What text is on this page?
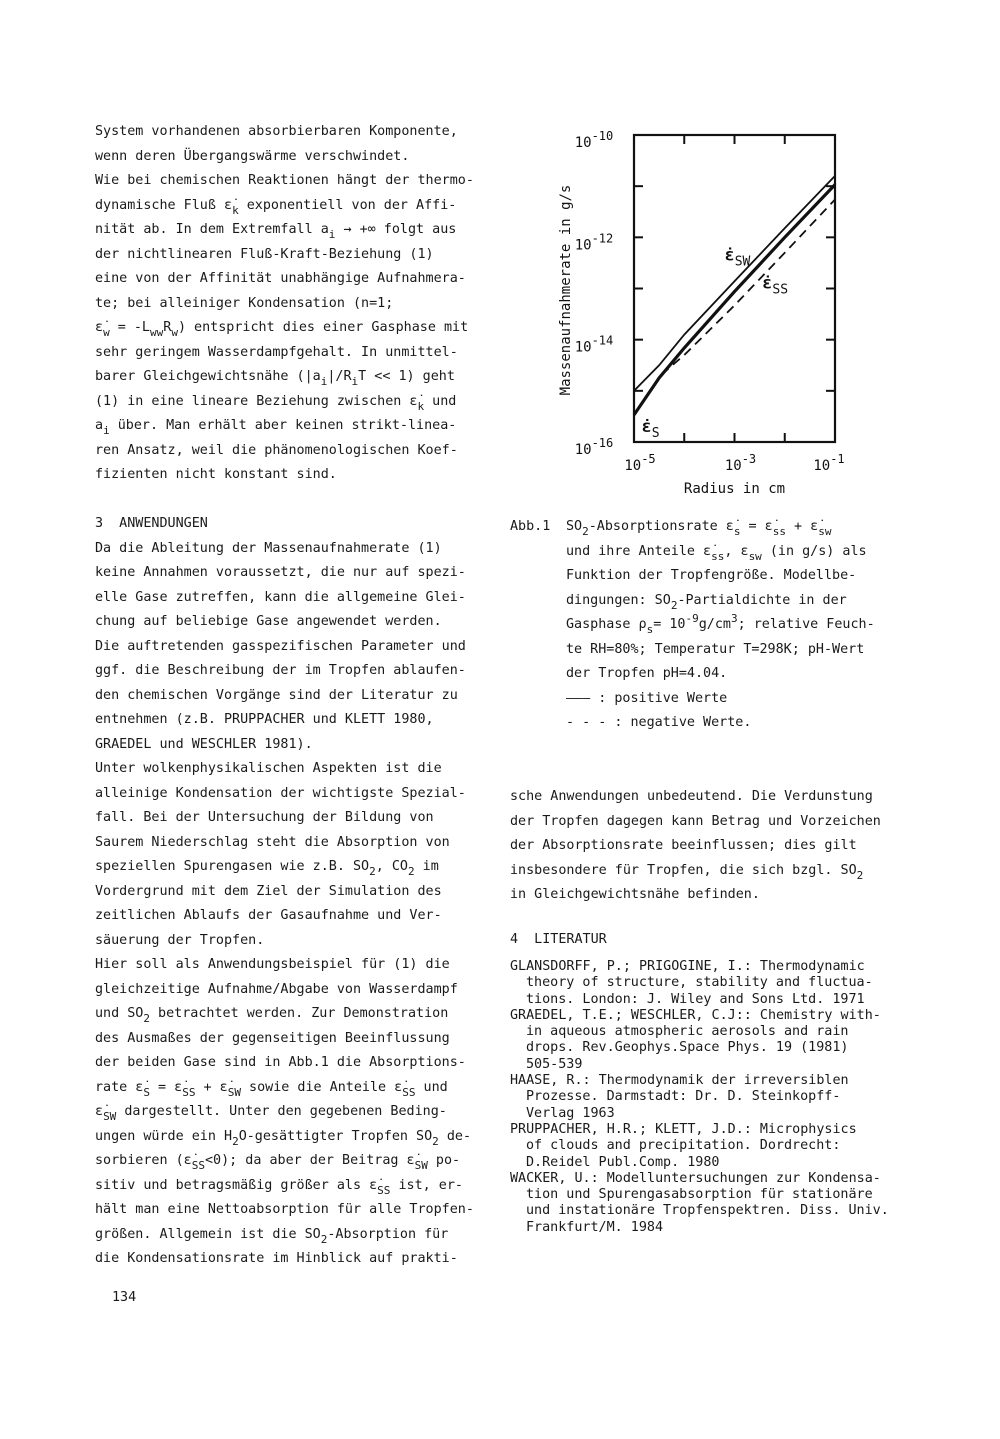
System vorhandenen absorbierbaren Komponente,
wenn deren Übergangswärme verschwindet.
Wie bei chemischen Reaktionen hängt der thermo-
dynamische Fluß $\varepsiloṅ_k$ exponentiell von der Affi-
nität ab. In dem Extremfall $a_i$ → +∞ folgt aus
der nichtlinearen Fluß-Kraft-Beziehung (1)
eine von der Affinität unabhängige Aufnahmera-
te; bei alleiniger Kondensation (n=1;
$\varepsiloṅ_w = -L_{ww}R_w$) entspricht dies einer Gasphase mit
sehr geringem Wasserdampfgehalt. In unmittel-
barer Gleichgewichtsnähe $(|a_i|/R_iT << 1)$ geht
(1) in eine lineare Beziehung zwischen $\varepsiloṅ_k$ und
$a_i$ über. Man erhält aber keinen strikt-linea-
ren Ansatz, weil die phänomenologischen Koef-
fizienten nicht konstant sind.
3  ANWENDUNGEN
Da die Ableitung der Massenaufnahmerate (1)
keine Annahmen voraussetzt, die nur auf spezi-
elle Gase zutreffen, kann die allgemeine Glei-
chung auf beliebige Gase angewendet werden.
Die auftretenden gasspezifischen Parameter und
ggf. die Beschreibung der im Tropfen ablaufen-
den chemischen Vorgänge sind der Literatur zu
entnehmen (z.B. PRUPPACHER und KLETT 1980,
GRAEDEL und WESCHLER 1981).
Unter wolkenphysikalischen Aspekten ist die
alleinige Kondensation der wichtigste Spezial-
fall. Bei der Untersuchung der Bildung von
Saurem Niederschlag steht die Absorption von
speziellen Spurengasen wie z.B. $SO_2$, $CO_2$ im
Vordergrund mit dem Ziel der Simulation des
zeitlichen Ablaufs der Gasaufnahme und Ver-
säuerung der Tropfen.
Hier soll als Anwendungsbeispiel für (1) die
gleichzeitige Aufnahme/Abgabe von Wasserdampf
und $SO_2$ betrachtet werden. Zur Demonstration
des Ausmaßes der gegenseitigen Beeinflussung
der beiden Gase sind in Abb.1 die Absorptions-
rate $\varepsiloṅ_S$ = $\varepsiloṅ_{SS}$ + $\varepsiloṅ_{SW}$ sowie die Anteile $\varepsiloṅ_{SS}$ und
$\varepsiloṅ_{SW}$ dargestellt. Unter den gegebenen Beding-
ungen würde ein $H_2O$-gesättigter Tropfen $SO_2$ de-
sorbieren $(\varepsiloṅ_{SS}<0)$; da aber der Beitrag $\varepsiloṅ_{SW}$ po-
sitiv und betragsmäßig größer als $\varepsiloṅ_{SS}$ ist, er-
hält man eine Nettoabsorption für alle Tropfen-
größen. Allgemein ist die $SO_2$-Absorption für
die Kondensationsrate im Hinblick auf prakti-
10-10
10-12
10-14
10-16
10-5	10-3	10-1
Radius in cm
Massenaufnahmerate in g/s	$\varepsiloṅ_{SW}$
$\varepsiloṅ_S$
$\varepsiloṅ_{SS}$
Abb.1 $SO_2$-Absorptionsrate $\varepsiloṅ_s$ = $\varepsiloṅ_{ss}$ + $\varepsiloṅ_{sw}$
und ihre Anteile $\varepsiloṅ_{ss}$, $\varepsilon_{sw}$ (in g/s) als
Funktion der Tropfengröße. Modellbe-
dingungen: $SO_2$-Partialdichte in der
Gasphase $\rho_s= 10^{-9}g/cm^3$; relative Feuch-
te RH=80%; Temperatur T=298K; pH-Wert
der Tropfen pH=4.04.
——— : positive Werte
- - - : negative Werte.
sche Anwendungen unbedeutend. Die Verdunstung
der Tropfen dagegen kann Betrag und Vorzeichen
der Absorptionsrate beeinflussen; dies gilt
insbesondere für Tropfen, die sich bzgl. $SO_2$
in Gleichgewichtsnähe befinden.
4  LITERATUR
GLANSDORFF, P.; PRIGOGINE, I.: Thermodynamic
theory of structure, stability and fluctua-
tions. London: J. Wiley and Sons Ltd. 1971
GRAEDEL, T.E.; WESCHLER, C.J:: Chemistry with-
in aqueous atmospheric aerosols and rain
drops. Rev.Geophys.Space Phys. 19 (1981)
505-539
HAASE, R.: Thermodynamik der irreversiblen
Prozesse. Darmstadt: Dr. D. Steinkopff-
Verlag 1963
PRUPPACHER, H.R.; KLETT, J.D.: Microphysics
of clouds and precipitation. Dordrecht:
D.Reidel Publ.Comp. 1980
WACKER, U.: Modelluntersuchungen zur Kondensa-
tion und Spurengasabsorption für stationäre
und instationäre Tropfenspektren. Diss. Univ.
Frankfurt/M. 1984
134
